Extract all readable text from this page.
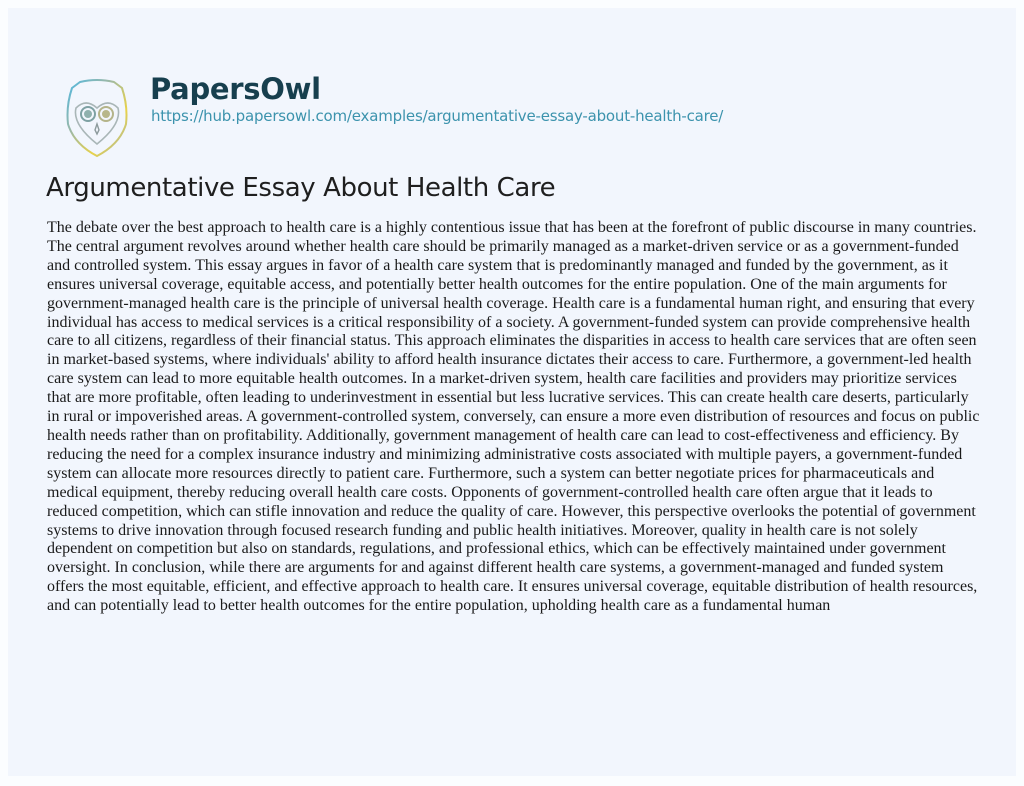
PapersOwl
https://hub.papersowl.com/examples/argumentative-essay-about-health-care/
Argumentative Essay About Health Care

The debate over the best approach to health care is a highly contentious issue that has been at the forefront of public discourse in many countries. The central argument revolves around whether health care should be primarily managed as a market-driven service or as a government-funded and controlled system. This essay argues in favor of a health care system that is predominantly managed and funded by the government, as it ensures universal coverage, equitable access, and potentially better health outcomes for the entire population. One of the main arguments for government-managed health care is the principle of universal health coverage. Health care is a fundamental human right, and ensuring that every individual has access to medical services is a critical responsibility of a society. A government-funded system can provide comprehensive health care to all citizens, regardless of their financial status. This approach eliminates the disparities in access to health care services that are often seen in market-based systems, where individuals' ability to afford health insurance dictates their access to care. Furthermore, a government-led health care system can lead to more equitable health outcomes. In a market-driven system, health care facilities and providers may prioritize services that are more profitable, often leading to underinvestment in essential but less lucrative services. This can create health care deserts, particularly in rural or impoverished areas. A government-controlled system, conversely, can ensure a more even distribution of resources and focus on public health needs rather than on profitability. Additionally, government management of health care can lead to cost-effectiveness and efficiency. By reducing the need for a complex insurance industry and minimizing administrative costs associated with multiple payers, a government-funded system can allocate more resources directly to patient care. Furthermore, such a system can better negotiate prices for pharmaceuticals and medical equipment, thereby reducing overall health care costs. Opponents of government-controlled health care often argue that it leads to reduced competition, which can stifle innovation and reduce the quality of care. However, this perspective overlooks the potential of government systems to drive innovation through focused research funding and public health initiatives. Moreover, quality in health care is not solely dependent on competition but also on standards, regulations, and professional ethics, which can be effectively maintained under government oversight. In conclusion, while there are arguments for and against different health care systems, a government-managed and funded system offers the most equitable, efficient, and effective approach to health care. It ensures universal coverage, equitable distribution of health resources, and can potentially lead to better health outcomes for the entire population, upholding health care as a fundamental human
